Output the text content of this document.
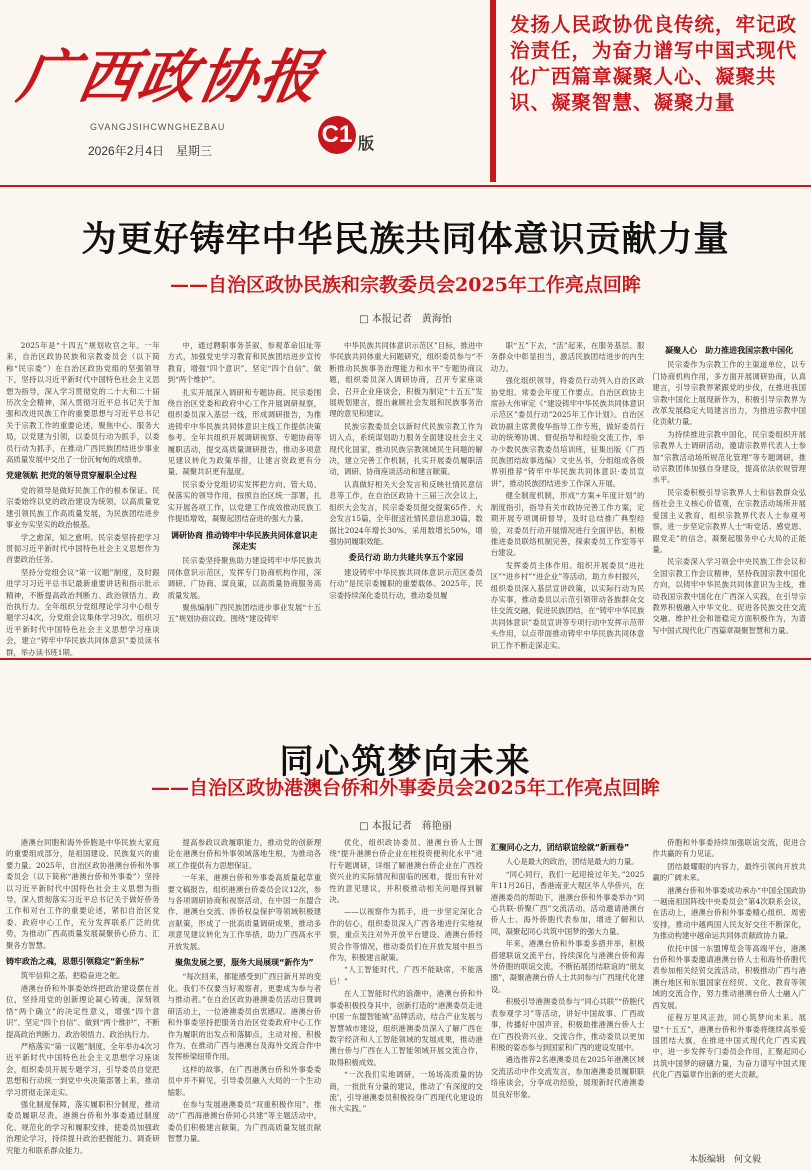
广西政协报
GVANGJSIHCWNGHEZBAU
2026年2月4日　星期三
C1 版
发扬人民政协优良传统，牢记政治责任，为奋力谱写中国式现代化广西篇章凝聚人心、凝聚共识、凝聚智慧、凝聚力量
为更好铸牢中华民族共同体意识贡献力量
——自治区政协民族和宗教委员会2025年工作亮点回眸
□ 本报记者　黄海怡

2025年是“十四五”规划收官之年。一年来，自治区政协民族和宗教委员会（以下简称“民宗委”）在自治区政协党组的坚强领导下，坚持以习近平新时代中国特色社会主义思想为指导，深入学习贯彻党的二十大和二十届历次全会精神，深入贯彻习近平总书记关于加强和改进民族工作的重要思想与习近平总书记关于宗教工作的重要论述，聚焦中心、服务大局，以党建为引领，以委员行动为抓手，以委员行动为抓手，在推动广西民族团结进步事业高质量发展中交出了一份沉甸甸的成绩单。

党建领航 把党的领导贯穿履职全过程

党的领导是做好民族工作的根本保证。民宗委始终以党的政治建设为统领，以高质量党建引领民族工作高质量发展，为民族团结进步事业夯实坚实的政治根基。

学之愈深，知之愈明。民宗委坚持把学习贯彻习近平新时代中国特色社会主义思想作为首要政治任务。

坚持分党组会议“第一议题”制度，及时跟进学习习近平总书记最新重要讲话和指示批示精神，不断提高政治判断力、政治领悟力、政治执行力。全年组织分党组理论学习中心组专题学习4次，分党组会议集体学习9次。组织习近平新时代中国特色社会主义思想学习座谈会，建立“铸牢中华民族共同体意识”委员读书群，举办读书班1期。

中，通过聘职事务茶叙、参观革命旧址等方式，加强党史学习教育和民族团结进步宣传教育，增强“四个意识”、坚定“四个自信”、做到“两个维护”。

扎实开展深入调研和专题协商。民宗委围绕自治区党委和政府中心工作开展调研视察，组织委员深入基层一线，形成调研报告，为推进铸牢中华民族共同体意识主线工作提供决策参考。全年共组织开展调研视察、专题协商等履职活动，提交高质量调研报告，推动多项意见建议转化为政策举措，让建言资政更有分量、凝聚共识更有温度。

民宗委分党组切实发挥把方向、管大局、保落实的领导作用，按照自治区统一部署，扎实开展各项工作，以党建工作成效推动民族工作提质增效，凝聚起团结奋进的强大力量。

调研协商 推动铸牢中华民族共同体意识走深走实

民宗委坚持聚焦助力建设铸牢中华民族共同体意识示范区，发挥专门协商机构作用，深调研、广协商、谋良策，以高质量协商服务高质量发展。

聚焦编制广西民族团结进步事业发展“十五五”规划协商议政。围绕“建设铸牢

中华民族共同体意识示范区”目标，推进中华民族共同体重大问题研究，组织委员参与“不断推动民族事务治理能力和水平”专题协商议题，组织委员深入调研协商，召开专家座谈会、召开企业座谈会，积极为制定“十五五”发展规划建言，提出兼顾社会发展和民族事务治理的意见和建议。

民族宗教委员会以新时代民族宗教工作为切入点，系统谋划助力服务全面建设社会主义现代化国家，推动民族宗教领域民生问题的解决，建立完善工作机制，扎实开展委员履职活动，调研、协商座谈活动和建言献策。

认真做好相关大会发言和反映社情民意信息等工作，在自治区政协十三届三次会议上，组织大会发言，民宗委委员提交提案65件、大会发言15篇，全年报送社情民意信息30篇，数据比2024年增长30%、采用数增长50%，增强协同履职效能。

委员行动 助力共建共享五个家园

建设铸牢中华民族共同体意识示范区委员行动”是民宗委履职的重要载体。2025年，民宗委持续深化委员行动，推动委员履

职“五”下去，“活”起来，在服务基层、服务群众中彰显担当，激活民族团结进步的内生动力。

强化组织领导，将委员行动列入自治区政协党组、常委会年度工作要点。自治区政协主席孙大伟审定《“建设铸牢中华民族共同体意识示范区”委员行动”2025年工作计划》。自治区政协副主席黄俊华指导工作专班，做好委员行动的统筹协调、督促指导和经验交流工作，举办少数民族宗教委员培训班，征集出版《广西民族团结故事选编》文史丛书，分组组成各级界别推荐“铸牢中华民族共同体意识·委员宣讲”，推动民族团结进步工作深入开展。

健全制度机制，形成“方案+年度计划”的制度指引，指导有关市政协完善工作方案，定期开展专项调研督导，及时总结推广典型经验，对委员行动开展情况进行全面评估，积极推进委员联络机制完善，探索委员工作室等平台建设。

发挥委员主体作用。组织开展委员“进社区”“进乡村”“进企业”等活动，助力乡村振兴，组织委员深入基层宣讲政策，以实际行动为民办实事，推动委员以示范引领带动各族群众交往交流交融，促进民族团结，在“铸牢中华民族共同体意识”委员宣讲等专项行动中发挥示范带头作用，以点带面推动铸牢中华民族共同体意识工作不断走深走实。

凝聚人心　助力推进我国宗教中国化

民宗委作为宗教工作的主渠道单位，以专门协商机构作用，多方面开展调研协商，认真建言，引导宗教界紧跟党的步伐，在推进我国宗教中国化上展现新作为，积极引导宗教界为改革发展稳定大局建言出力，为推进宗教中国化贡献力量。

为持续推进宗教中国化，民宗委组织开展宗教界人士调研活动，邀请宗教界代表人士参加“宗教活动场所规范化管理”等专题调研，推动宗教团体加强自身建设，提高依法依规管理水平。

民宗委积极引导宗教界人士和信教群众弘扬社会主义核心价值观，在宗教活动场所开展爱国主义教育，组织宗教界代表人士参观考察，进一步坚定宗教界人士“听党话、感党恩、跟党走”的信念，凝聚起服务中心大局的正能量。

民宗委深入学习领会中央民族工作会议和全国宗教工作会议精神，坚持我国宗教中国化方向，以铸牢中华民族共同体意识为主线，推动我国宗教中国化在广西深入实践，在引导宗教界积极融入中华文化、促进各民族交往交流交融、维护社会和谐稳定方面积极作为，为谱写中国式现代化广西篇章凝聚智慧和力量。

同心筑梦向未来
——自治区政协港澳台侨和外事委员会2025年工作亮点回眸
□ 本报记者　蒋艳丽

港澳台同胞和海外侨胞是中华民族大家庭的重要组成部分，是祖国建设、民族复兴的重要力量。2025年，自治区政协港澳台侨和外事委员会（以下简称“港澳台侨和外事委”）坚持以习近平新时代中国特色社会主义思想为指导，深入贯彻落实习近平总书记关于做好侨务工作和对台工作的重要论述，紧扣自治区党委、政府中心工作，充分发挥联系广泛的优势，为推动广西高质量发展凝聚侨心侨力、汇聚各方智慧。

铸牢政治之魂，思想引领稳定“新坐标”

筑牢信仰之基，把稳奋进之舵。

港澳台侨和外事委始终把政治建设摆在首位，坚持用党的创新理论凝心铸魂，深刻领悟“两个确立”的决定性意义，增强“四个意识”、坚定“四个自信”、做到“两个维护”，不断提高政治判断力、政治领悟力、政治执行力。

严格落实“第一议题”制度，全年举办4次习近平新时代中国特色社会主义思想学习座谈会，组织委员开展专题学习，引导委员自觉把思想和行动统一到党中央决策部署上来，推动学习贯彻走深走实。

强化制度保障，落实履职积分制度，推动委员履职尽责。港澳台侨和外事委通过制度化、规范化的学习和履职安排，使委员加强政治理论学习，持续提升政治把握能力、调查研究能力和联系群众能力。

提高参政议政履职能力，推动党的创新理论在港澳台侨和外事领域落地生根，为推动各项工作提供有力思想保证。

一年来，港澳台侨和外事委高质量起草重要文稿报告，组织港澳台侨委员会议12次，参与各项调研协商和视察活动，在中国一东盟合作、港澳台交流、涉侨权益保护等领域积极建言献策，形成了一批高质量调研成果，推动多项意见建议转化为工作举措，助力广西高水平开放发展。

聚焦发展之要，服务大局展现“新作为”

“每次回来，都能感受到广西日新月异的变化。我们不仅要当好观察者，更要成为参与者与推动者。”在自治区政协港澳委员活动日暨调研活动上，一位港澳委员由衷感叹。港澳台侨和外事委坚持把服务自治区党委政府中心工作作为履职的出发点和落脚点，主动对接、积极作为，在推动广西与港澳台及海外交流合作中发挥桥梁纽带作用。

这样的故事，在广西港澳台侨和外事委委员中并不鲜见，引导委员融入大局的一个生动缩影。

在参与发展港澳委员“双重积极作用”、推动“广西海港澳台侨同心共建”等主题活动中，委员们积极建言献策，为广西高质量发展贡献智慧力量。

优化，组织政协委员、港澳台侨人士围绕“提升港澳台侨企业在桂投资便利化水平”进行专题调研，详细了解港澳台侨企业在广西投资兴业的实际情况和面临的困难，提出有针对性的意见建议，并积极推动相关问题得到解决。

——以视察作为抓手，进一步坚定深化合作的信心，组织委员深入广西各地进行实地视察，重点关注对外开放平台建设、港澳台侨经贸合作等情况，推动委员们在开放发展中担当作为，积极建言献策。

“人工智能时代，广西不能缺席，不能落后！”

在人工智能时代的浪潮中，港澳台侨和外事委积极投身其中，创新打造的“港澳委员走进中国一东盟智能城”品牌活动，结合产业发展与智慧城市建设，组织港澳委员深入了解广西在数字经济和人工智能领域的发展成果，推动港澳台侨与广西在人工智能领域开展交流合作，取得积极成效。

“一次我们实地调研，一场场高质量的协商，一批批有分量的建议，推动了‘有深度的交流’，引导港澳委员积极投身广西现代化建设的伟大实践。”

汇聚同心之力，团结联谊绘就“新画卷”

人心是最大的政治，团结是最大的力量。

“同心同行，我们一起迎接过年关。”2025年11月26日，香港南亚大观区华人华侨兴，在港澳委员的帮助下，港澳台侨和外事委举办“同心共联·侨聚广西”交流活动，活动邀请港澳台侨人士、海外侨胞代表参加，增进了解和认同，凝聚起同心共筑中国梦的强大力量。

年来，港澳台侨和外事委多措并举，积极搭建联谊交流平台，持续深化与港澳台侨和海外侨胞的联谊交流，不断拓展团结联谊的“朋友圈”，凝聚港澳台侨人士共同参与广西现代化建设。

积极引导港澳委员参与“同心共联”“侨胞代表参观学习”等活动，讲好中国故事、广西故事，传播好中国声音，积极助推港澳台侨人士在广西投资兴业、交流合作，推动委员以更加积极的姿态参与到国家和广西的建设发展中。

遴选推荐2名港澳委员在2025年港澳区域交流活动中作交流发言，参加港澳委员履职联络座谈会，分享成功经验，展现新时代港澳委员良好形象。

侨胞和外事委持续加强联谊交流，促进合作共赢的有力见证。

团结最耀眼的内容力，最终引领向开放共赢的广阔未来。

港澳台侨和外事委成功承办“中国全国政协一越南祖国阵线中央委员会”第4次联系会议，在活动上，港澳台侨和外事委精心组织、周密安排，推动中越两国人民友好交往不断深化，为推动构建中越命运共同体贡献政协力量。

依托中国一东盟博览会等高端平台，港澳台侨和外事委邀请港澳台侨人士和海外侨胞代表参加相关经贸交流活动，积极推动广西与港澳台地区和东盟国家在经贸、文化、教育等领域的交流合作，努力推动港澳台侨人士融入广西发展。

征程万里风正劲，同心筑梦向未来。展望“十五五”，港澳台侨和外事委将继续高举爱国团结大旗，在推进中国式现代化广西实践中，进一步发挥专门委员会作用，汇聚起同心共筑中国梦的磅礴力量，为奋力谱写中国式现代化广西篇章作出新的更大贡献。

本版编辑　何文毅
